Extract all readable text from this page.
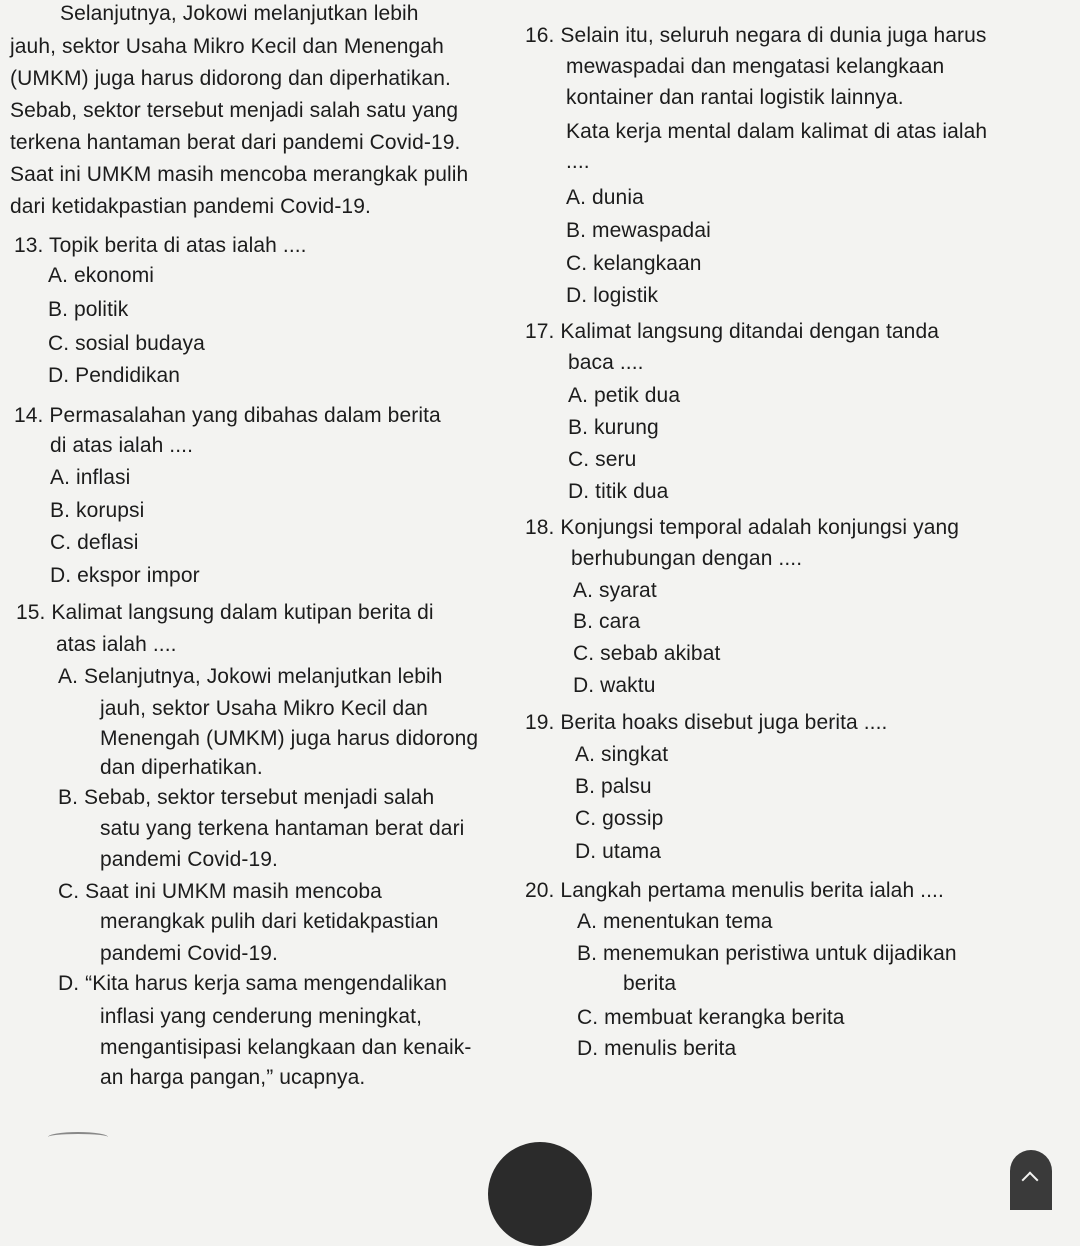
Selanjutnya, Jokowi melanjutkan lebih
jauh, sektor Usaha Mikro Kecil dan Menengah
(UMKM) juga harus didorong dan diperhatikan.
Sebab, sektor tersebut menjadi salah satu yang
terkena hantaman berat dari pandemi Covid-19.
Saat ini UMKM masih mencoba merangkak pulih
dari ketidakpastian pandemi Covid-19.
13. Topik berita di atas ialah ....
A. ekonomi
B. politik
C. sosial budaya
D. Pendidikan
14. Permasalahan yang dibahas dalam berita
di atas ialah ....
A. inflasi
B. korupsi
C. deflasi
D. ekspor impor
15. Kalimat langsung dalam kutipan berita di
atas ialah ....
A. Selanjutnya, Jokowi melanjutkan lebih
jauh, sektor Usaha Mikro Kecil dan
Menengah (UMKM) juga harus didorong
dan diperhatikan.
B. Sebab, sektor tersebut menjadi salah
satu yang terkena hantaman berat dari
pandemi Covid-19.
C. Saat ini UMKM masih mencoba
merangkak pulih dari ketidakpastian
pandemi Covid-19.
D. “Kita harus kerja sama mengendalikan
inflasi yang cenderung meningkat,
mengantisipasi kelangkaan dan kenaik-
an harga pangan,” ucapnya.
16. Selain itu, seluruh negara di dunia juga harus
mewaspadai dan mengatasi kelangkaan
kontainer dan rantai logistik lainnya.
Kata kerja mental dalam kalimat di atas ialah
....
A. dunia
B. mewaspadai
C. kelangkaan
D. logistik
17. Kalimat langsung ditandai dengan tanda
baca ....
A. petik dua
B. kurung
C. seru
D. titik dua
18. Konjungsi temporal adalah konjungsi yang
berhubungan dengan ....
A. syarat
B. cara
C. sebab akibat
D. waktu
19. Berita hoaks disebut juga berita ....
A. singkat
B. palsu
C. gossip
D. utama
20. Langkah pertama menulis berita ialah ....
A. menentukan tema
B. menemukan peristiwa untuk dijadikan
berita
C. membuat kerangka berita
D. menulis berita
